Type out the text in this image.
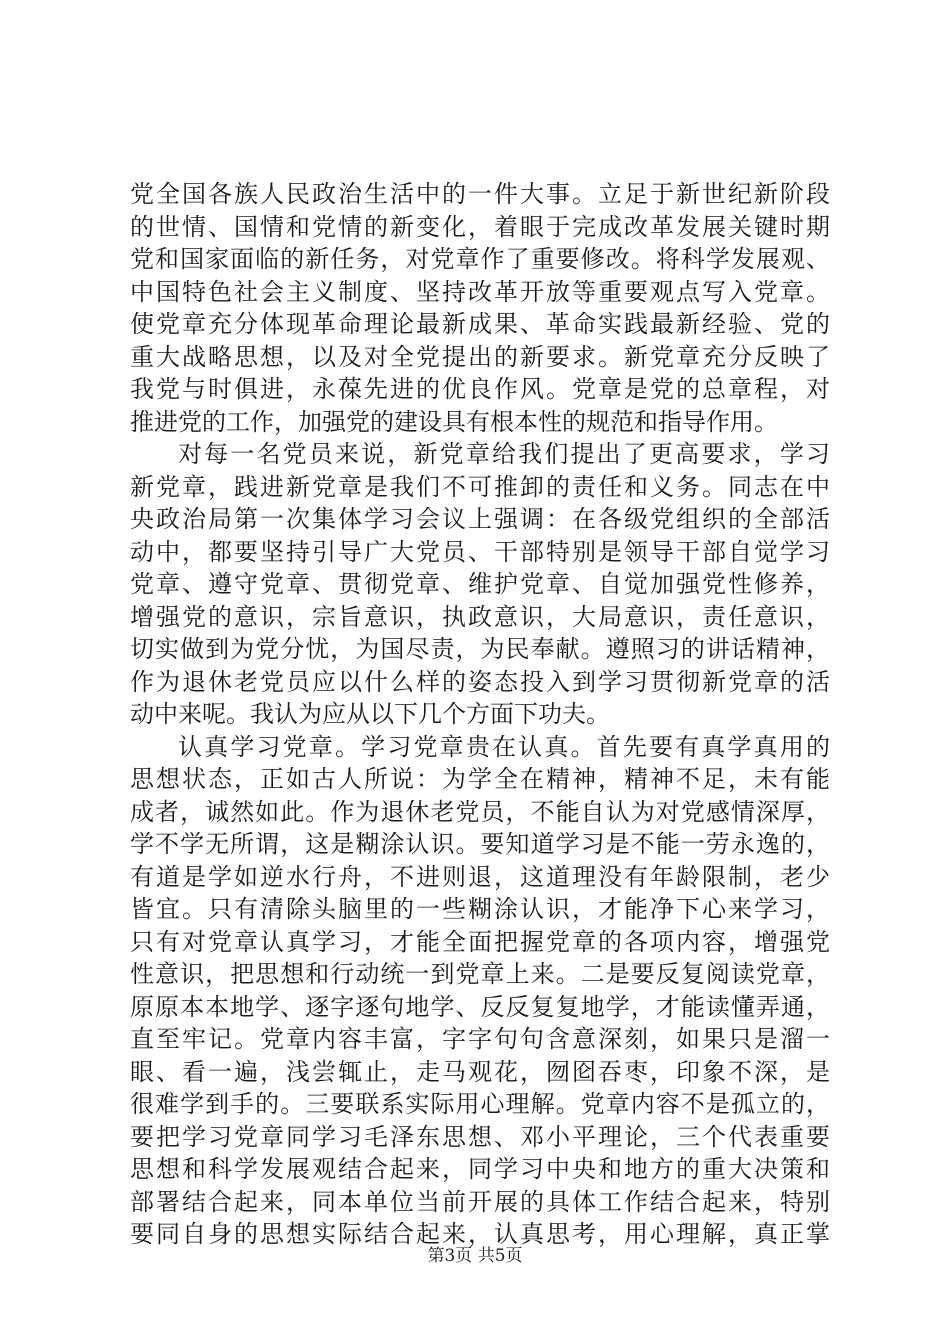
党全国各族人民政治生活中的一件大事。立足于新世纪新阶段
的世情、国情和党情的新变化，着眼于完成改革发展关键时期
党和国家面临的新任务，对党章作了重要修改。将科学发展观、
中国特色社会主义制度、坚持改革开放等重要观点写入党章。
使党章充分体现革命理论最新成果、革命实践最新经验、党的
重大战略思想，以及对全党提出的新要求。新党章充分反映了
我党与时俱进，永葆先进的优良作风。党章是党的总章程，对
推进党的工作，加强党的建设具有根本性的规范和指导作用。
对每一名党员来说，新党章给我们提出了更高要求，学习
新党章，践进新党章是我们不可推卸的责任和义务。同志在中
央政治局第一次集体学习会议上强调：在各级党组织的全部活
动中，都要坚持引导广大党员、干部特别是领导干部自觉学习
党章、遵守党章、贯彻党章、维护党章、自觉加强党性修养，
增强党的意识，宗旨意识，执政意识，大局意识，责任意识，
切实做到为党分忧，为国尽责，为民奉献。遵照习的讲话精神，
作为退休老党员应以什么样的姿态投入到学习贯彻新党章的活
动中来呢。我认为应从以下几个方面下功夫。
认真学习党章。学习党章贵在认真。首先要有真学真用的
思想状态，正如古人所说：为学全在精神，精神不足，未有能
成者，诚然如此。作为退休老党员，不能自认为对党感情深厚，
学不学无所谓，这是糊涂认识。要知道学习是不能一劳永逸的，
有道是学如逆水行舟，不进则退，这道理没有年龄限制，老少
皆宜。只有清除头脑里的一些糊涂认识，才能净下心来学习，
只有对党章认真学习，才能全面把握党章的各项内容，增强党
性意识，把思想和行动统一到党章上来。二是要反复阅读党章，
原原本本地学、逐字逐句地学、反反复复地学，才能读懂弄通，
直至牢记。党章内容丰富，字字句句含意深刻，如果只是溜一
眼、看一遍，浅尝辄止，走马观花，囫囵吞枣，印象不深，是
很难学到手的。三要联系实际用心理解。党章内容不是孤立的，
要把学习党章同学习毛泽东思想、邓小平理论，三个代表重要
思想和科学发展观结合起来，同学习中央和地方的重大决策和
部署结合起来，同本单位当前开展的具体工作结合起来，特别
要同自身的思想实际结合起来，认真思考，用心理解，真正掌
第3页 共5页
